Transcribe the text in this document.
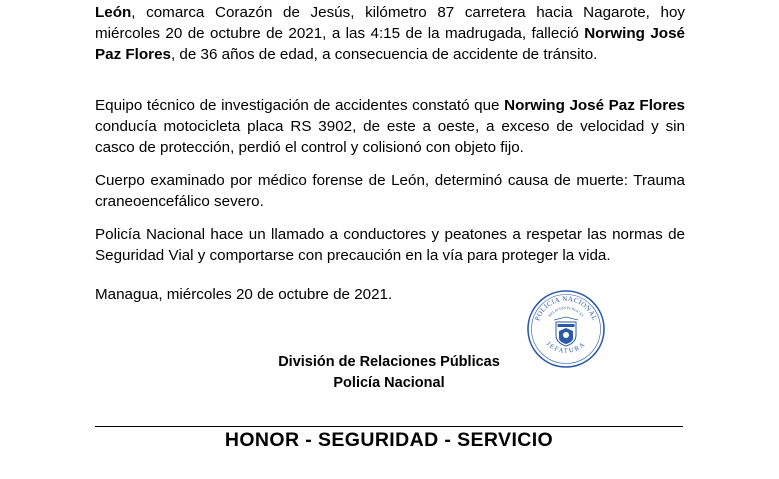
León, comarca Corazón de Jesús, kilómetro 87 carretera hacia Nagarote, hoy miércoles 20 de octubre de 2021, a las 4:15 de la madrugada, falleció Norwing José Paz Flores, de 36 años de edad, a consecuencia de accidente de tránsito.

Equipo técnico de investigación de accidentes constató que Norwing José Paz Flores conducía motocicleta placa RS 3902, de este a oeste, a exceso de velocidad y sin casco de protección, perdió el control y colisionó con objeto fijo.

Cuerpo examinado por médico forense de León, determinó causa de muerte: Trauma craneoencefálico severo.

Policía Nacional hace un llamado a conductores y peatones a respetar las normas de Seguridad Vial y comportarse con precaución en la vía para proteger la vida.

Managua, miércoles 20 de octubre de 2021.

División de Relaciones Públicas
Policía Nacional
POLICIA NACIONAL
RELACION PUBLICAS
JEFATURA
HONOR - SEGURIDAD - SERVICIO
